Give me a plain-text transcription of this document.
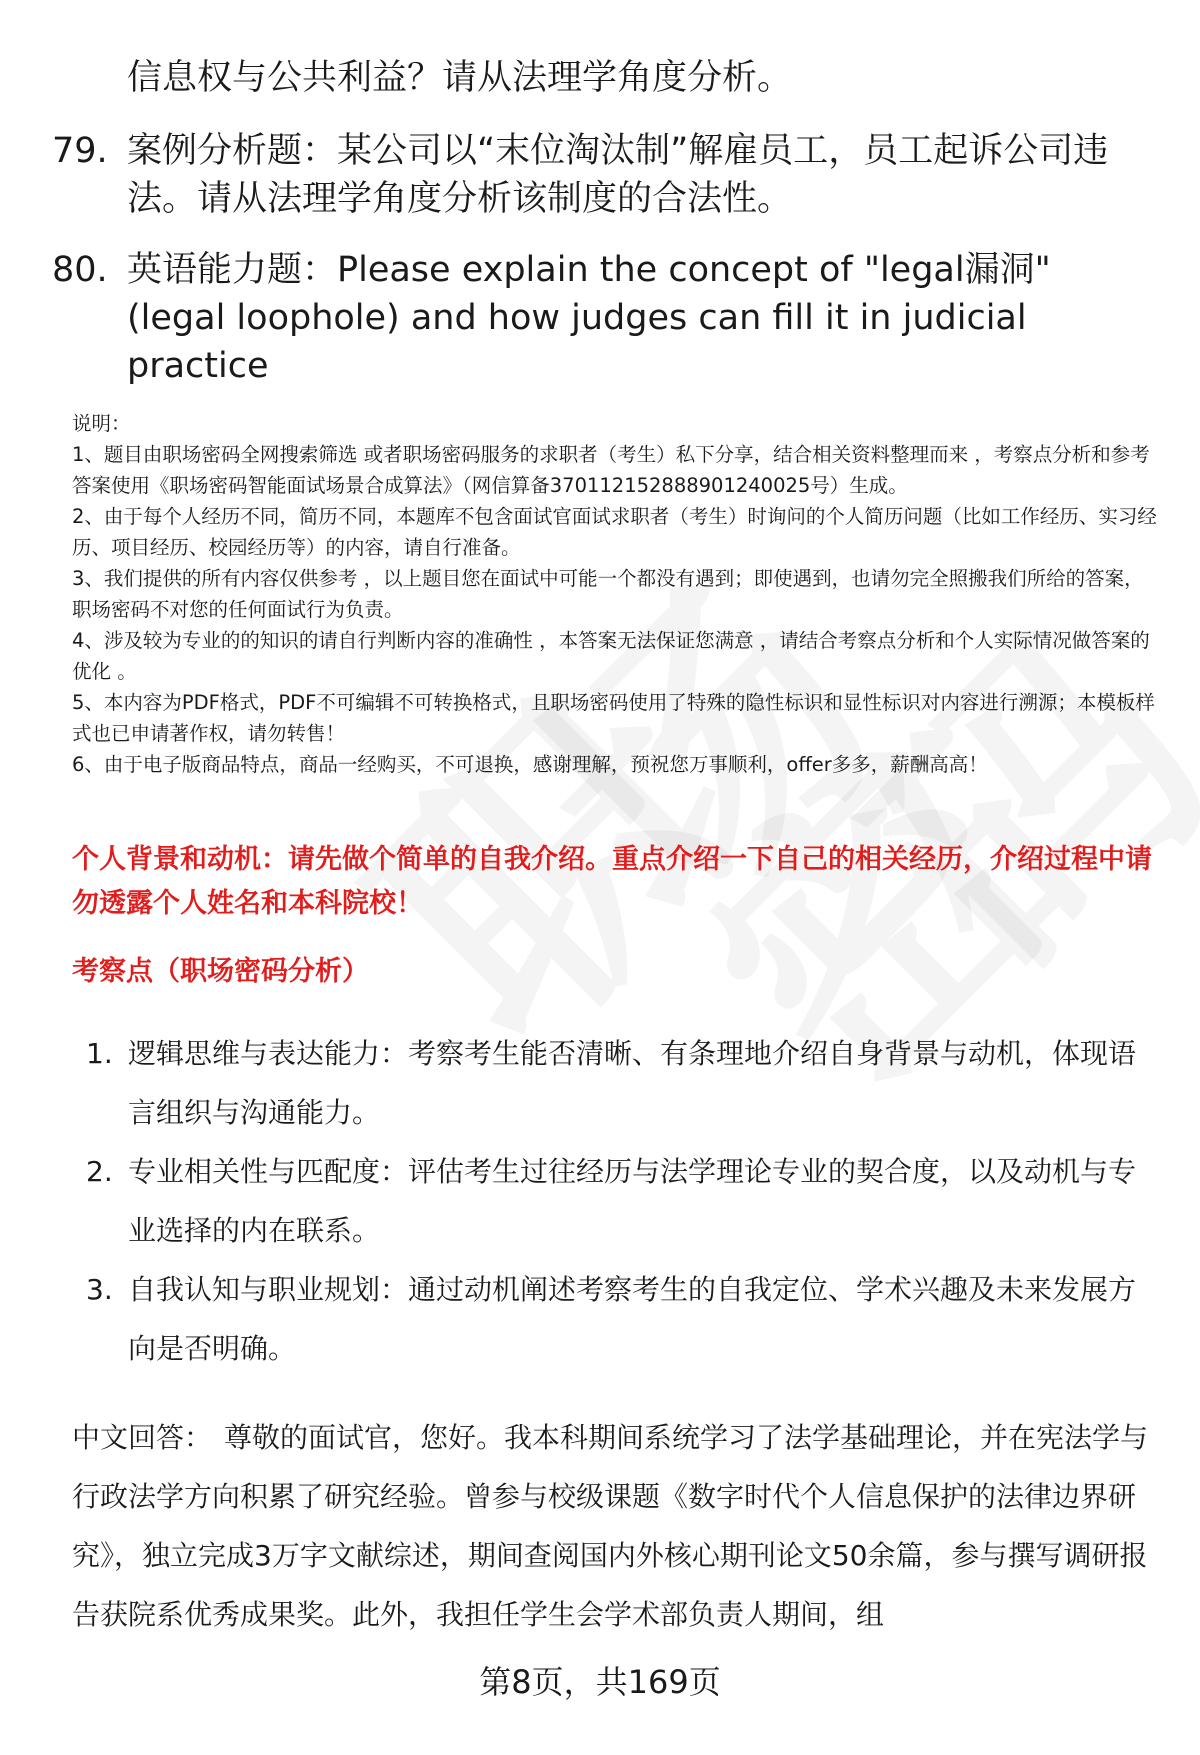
信息权与公共利益？请从法理学角度分析。
79. 案例分析题：某公司以“末位淘汰制”解雇员工，员工起诉公司违法。请从法理学角度分析该制度的合法性。
80. 英语能力题：Please explain the concept of "legal漏洞" (legal loophole) and how judges can fill it in judicial practice

说明：

1、题目由职场密码全网搜索筛选 或者职场密码服务的求职者（考生）私下分享，结合相关资料整理而来 ，考察点分析和参考答案使用《职场密码智能面试场景合成算法》（网信算备370112152888901240025号）生成。

2、由于每个人经历不同，简历不同，本题库不包含面试官面试求职者（考生）时询问的个人简历问题（比如工作经历、实习经历、项目经历、校园经历等）的内容，请自行准备。

3、我们提供的所有内容仅供参考 ，以上题目您在面试中可能一个都没有遇到；即使遇到，也请勿完全照搬我们所给的答案，职场密码不对您的任何面试行为负责。

4、涉及较为专业的的知识的请自行判断内容的准确性 ，本答案无法保证您满意 ，请结合考察点分析和个人实际情况做答案的优化 。

5、本内容为PDF格式，PDF不可编辑不可转换格式，且职场密码使用了特殊的隐性标识和显性标识对内容进行溯源；本模板样式也已申请著作权，请勿转售！

6、由于电子版商品特点，商品一经购买，不可退换，感谢理解，预祝您万事顺利，offer多多，薪酬高高！

个人背景和动机：请先做个简单的自我介绍。重点介绍一下自己的相关经历，介绍过程中请勿透露个人姓名和本科院校！
考察点（职场密码分析）
1. 逻辑思维与表达能力：考察考生能否清晰、有条理地介绍自身背景与动机，体现语言组织与沟通能力。
2. 专业相关性与匹配度：评估考生过往经历与法学理论专业的契合度，以及动机与专业选择的内在联系。
3. 自我认知与职业规划：通过动机阐述考察考生的自我定位、学术兴趣及未来发展方向是否明确。
中文回答： 尊敬的面试官，您好。我本科期间系统学习了法学基础理论，并在宪法学与行政法学方向积累了研究经验。曾参与校级课题《数字时代个人信息保护的法律边界研究》，独立完成3万字文献综述，期间查阅国内外核心期刊论文50余篇，参与撰写调研报告获院系优秀成果奖。此外，我担任学生会学术部负责人期间，组
第8页，共169页
